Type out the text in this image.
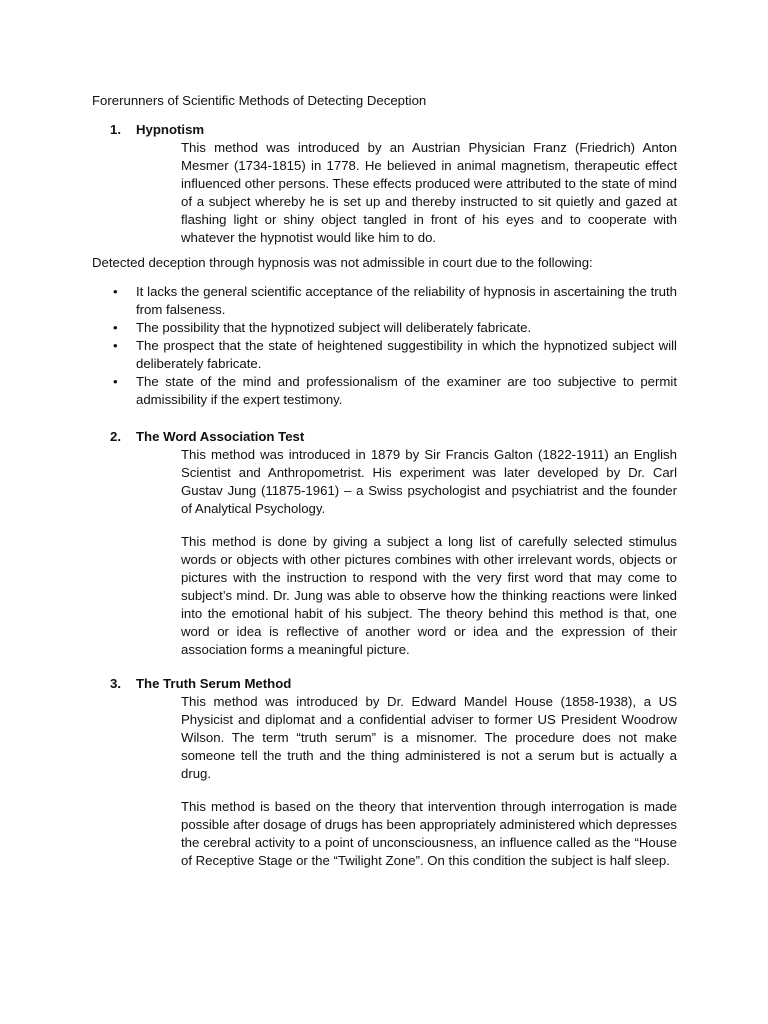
Forerunners of Scientific Methods of Detecting Deception
1. Hypnotism

This method was introduced by an Austrian Physician Franz (Friedrich) Anton Mesmer (1734-1815) in 1778. He believed in animal magnetism, therapeutic effect influenced other persons. These effects produced were attributed to the state of mind of a subject whereby he is set up and thereby instructed to sit quietly and gazed at flashing light or shiny object tangled in front of his eyes and to cooperate with whatever the hypnotist would like him to do.

Detected deception through hypnosis was not admissible in court due to the following:
• It lacks the general scientific acceptance of the reliability of hypnosis in ascertaining the truth from falseness.
• The possibility that the hypnotized subject will deliberately fabricate.
• The prospect that the state of heightened suggestibility in which the hypnotized subject will deliberately fabricate.
• The state of the mind and professionalism of the examiner are too subjective to permit admissibility if the expert testimony.
2. The Word Association Test

This method was introduced in 1879 by Sir Francis Galton (1822-1911) an English Scientist and Anthropometrist. His experiment was later developed by Dr. Carl Gustav Jung (11875-1961) – a Swiss psychologist and psychiatrist and the founder of Analytical Psychology.

This method is done by giving a subject a long list of carefully selected stimulus words or objects with other pictures combines with other irrelevant words, objects or pictures with the instruction to respond with the very first word that may come to subject’s mind. Dr. Jung was able to observe how the thinking reactions were linked into the emotional habit of his subject. The theory behind this method is that, one word or idea is reflective of another word or idea and the expression of their association forms a meaningful picture.

3. The Truth Serum Method

This method was introduced by Dr. Edward Mandel House (1858-1938), a US Physicist and diplomat and a confidential adviser to former US President Woodrow Wilson. The term “truth serum” is a misnomer. The procedure does not make someone tell the truth and the thing administered is not a serum but is actually a drug.

This method is based on the theory that intervention through interrogation is made possible after dosage of drugs has been appropriately administered which depresses the cerebral activity to a point of unconsciousness, an influence called as the “House of Receptive Stage or the “Twilight Zone”. On this condition the subject is half sleep.
